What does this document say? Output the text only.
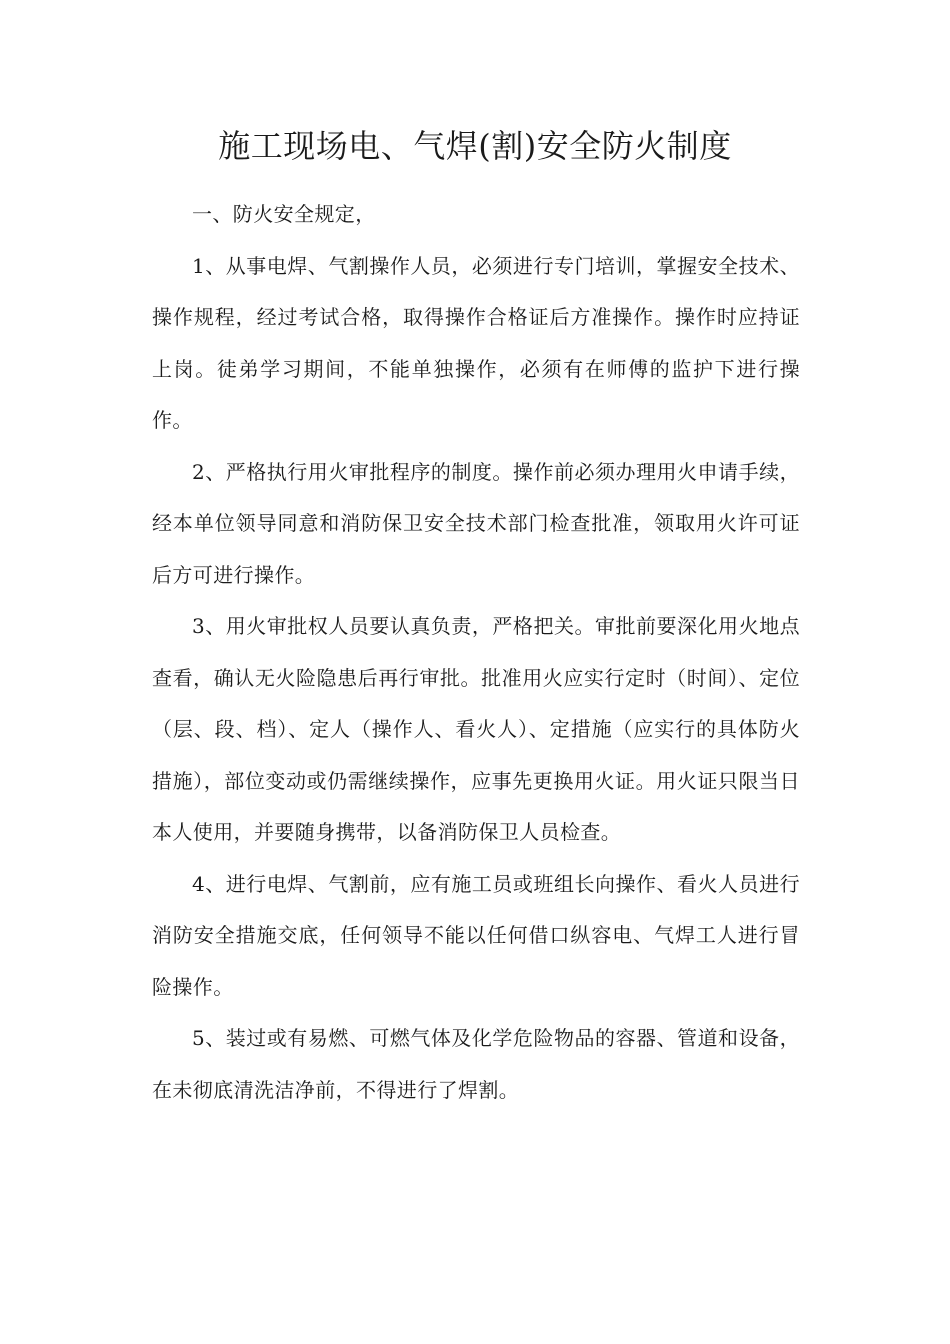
施工现场电、气焊(割)安全防火制度

一、防火安全规定，

1、从事电焊、气割操作人员，必须进行专门培训，掌握安全技术、操作规程，经过考试合格，取得操作合格证后方准操作。操作时应持证上岗。徒弟学习期间，不能单独操作，必须有在师傅的监护下进行操作。

2、严格执行用火审批程序的制度。操作前必须办理用火申请手续，经本单位领导同意和消防保卫安全技术部门检查批准，领取用火许可证后方可进行操作。

3、用火审批权人员要认真负责，严格把关。审批前要深化用火地点查看，确认无火险隐患后再行审批。批准用火应实行定时（时间）、定位（层、段、档）、定人（操作人、看火人）、定措施（应实行的具体防火措施），部位变动或仍需继续操作，应事先更换用火证。用火证只限当日本人使用，并要随身携带，以备消防保卫人员检查。

4、进行电焊、气割前，应有施工员或班组长向操作、看火人员进行消防安全措施交底，任何领导不能以任何借口纵容电、气焊工人进行冒险操作。

5、装过或有易燃、可燃气体及化学危险物品的容器、管道和设备，在未彻底清洗洁净前，不得进行了焊割。
